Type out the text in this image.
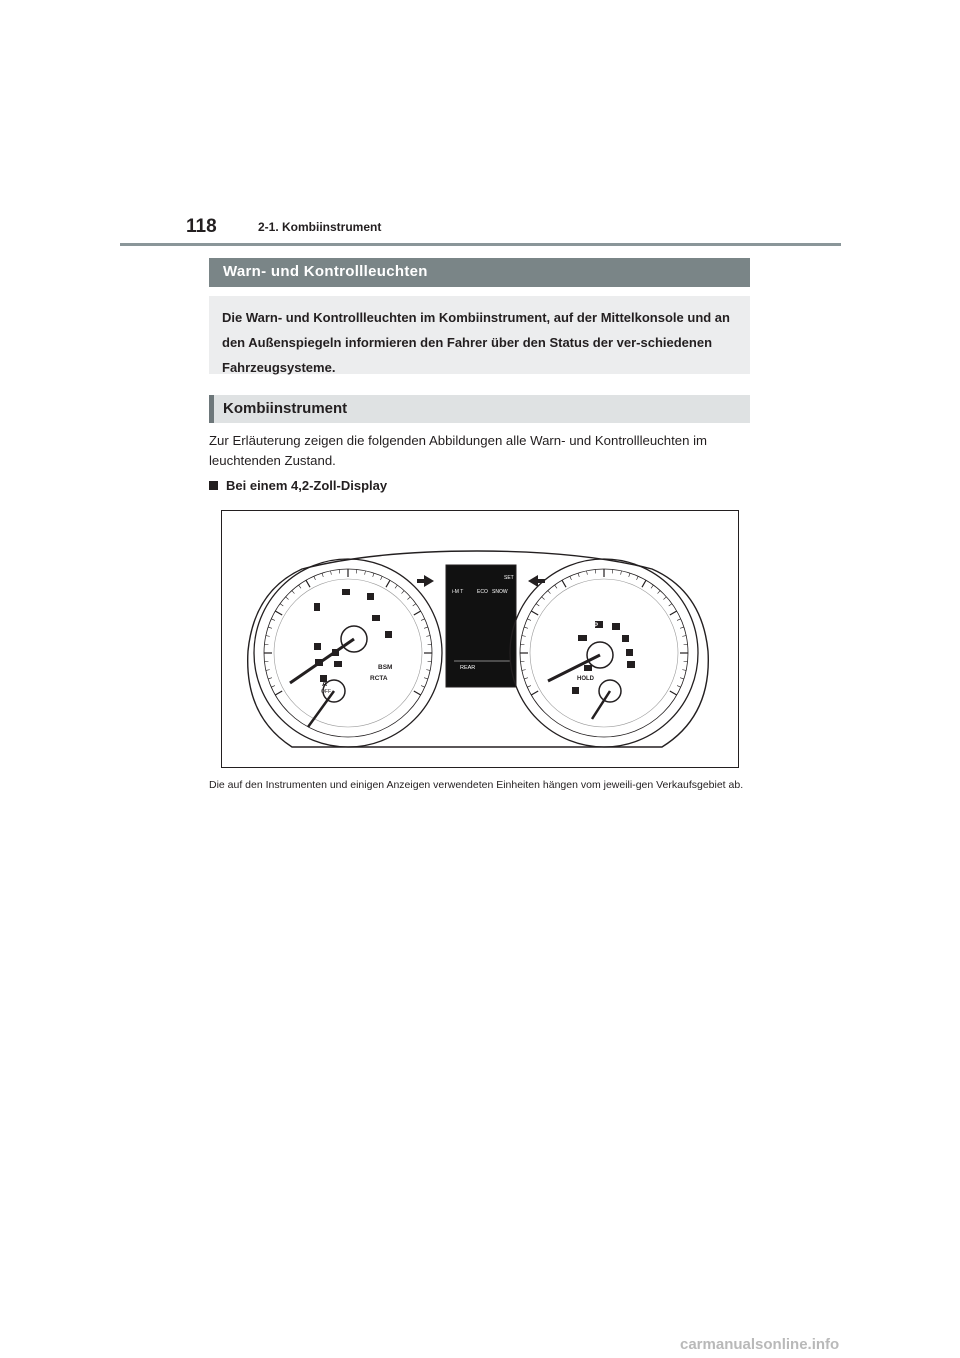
118	2-1. Kombiinstrument
Warn- und Kontrollleuchten

Die Warn- und Kontrollleuchten im Kombiinstrument, auf der Mittelkonsole und an den Außenspiegeln informieren den Fahrer über den Status der ver-schiedenen Fahrzeugsysteme.

Kombiinstrument

Zur Erläuterung zeigen die folgenden Abbildungen alle Warn- und Kontrollleuchten im leuchtenden Zustand.

Bei einem 4,2-Zoll-Display
BSM
RCTA
OFF
A
i-M T	ECO SNOW
SET
REAR
P
HOLD

Die auf den Instrumenten und einigen Anzeigen verwendeten Einheiten hängen vom jeweili-gen Verkaufsgebiet ab.

carmanualsonline.info
